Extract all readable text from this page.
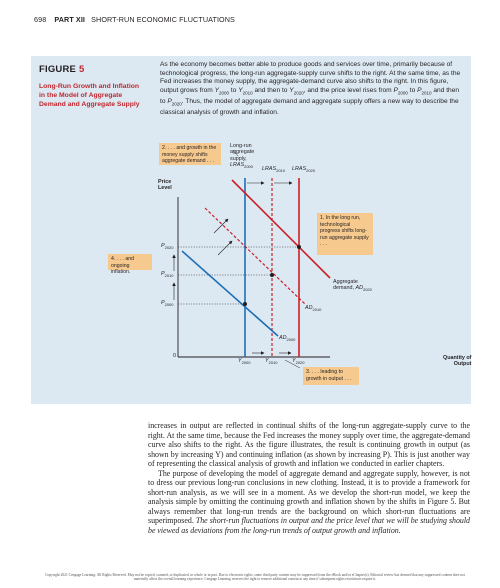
698 PART XII SHORT-RUN ECONOMIC FLUCTUATIONS
FIGURE 5
Long-Run Growth and Inflation in the Model of Aggregate Demand and Aggregate Supply
As the economy becomes better able to produce goods and services over time, primarily because of technological progress, the long-run aggregate-supply curve shifts to the right. At the same time, as the Fed increases the money supply, the aggregate-demand curve also shifts to the right. In this figure, output grows from $Y_{2000}$ to $Y_{2010}$ and then to $Y_{2020}$, and the price level rises from $P_{2000}$ to $P_{2010}$ and then to $P_{2020}$. Thus, the model of aggregate demand and aggregate supply offers a new way to describe the classical analysis of growth and inflation.
Price
Level
Quantity of
Output
0
$P_{2020}$
$P_{2010}$
$P_{2000}$
$Y_{2000}$	$Y_{2010}$	$Y_{2020}$
Long-run
aggregate
supply,
$LRAS_{2000}$ $LRAS_{2010}$ $LRAS_{2020}$
Aggregate
demand, $AD_{2020}$
$AD_{2010}$
$AD_{2000}$
1. In the long run, technological progress shifts long-run aggregate supply . . .
2. . . . and growth in the money supply shifts aggregate demand . . .
3. . . . leading to growth in output . . .
4. . . . and ongoing inflation.

increases in output are reflected in continual shifts of the long-run aggregate-supply curve to the right. At the same time, because the Fed increases the money supply over time, the aggregate-demand curve also shifts to the right. As the figure illustrates, the result is continuing growth in output (as shown by increasing Y) and continuing inflation (as shown by increasing P). This is just another way of representing the classical analysis of growth and inflation we conducted in earlier chapters.

The purpose of developing the model of aggregate demand and aggregate supply, however, is not to dress our previous long-run conclusions in new clothing. Instead, it is to provide a framework for short-run analysis, as we will see in a moment. As we develop the short-run model, we keep the analysis simple by omitting the continuing growth and inflation shown by the shifts in Figure 5. But always remember that long-run trends are the background on which short-run fluctuations are superimposed. The short-run fluctuations in output and the price level that we will be studying should be viewed as deviations from the long-run trends of output growth and inflation.

Copyright 2021 Cengage Learning. All Rights Reserved. May not be copied, scanned, or duplicated, in whole or in part. Due to electronic rights, some third party content may be suppressed from the eBook and/or eChapter(s). Editorial review has deemed that any suppressed content does not materially affect the overall learning experience. Cengage Learning reserves the right to remove additional content at any time if subsequent rights restrictions require it.
